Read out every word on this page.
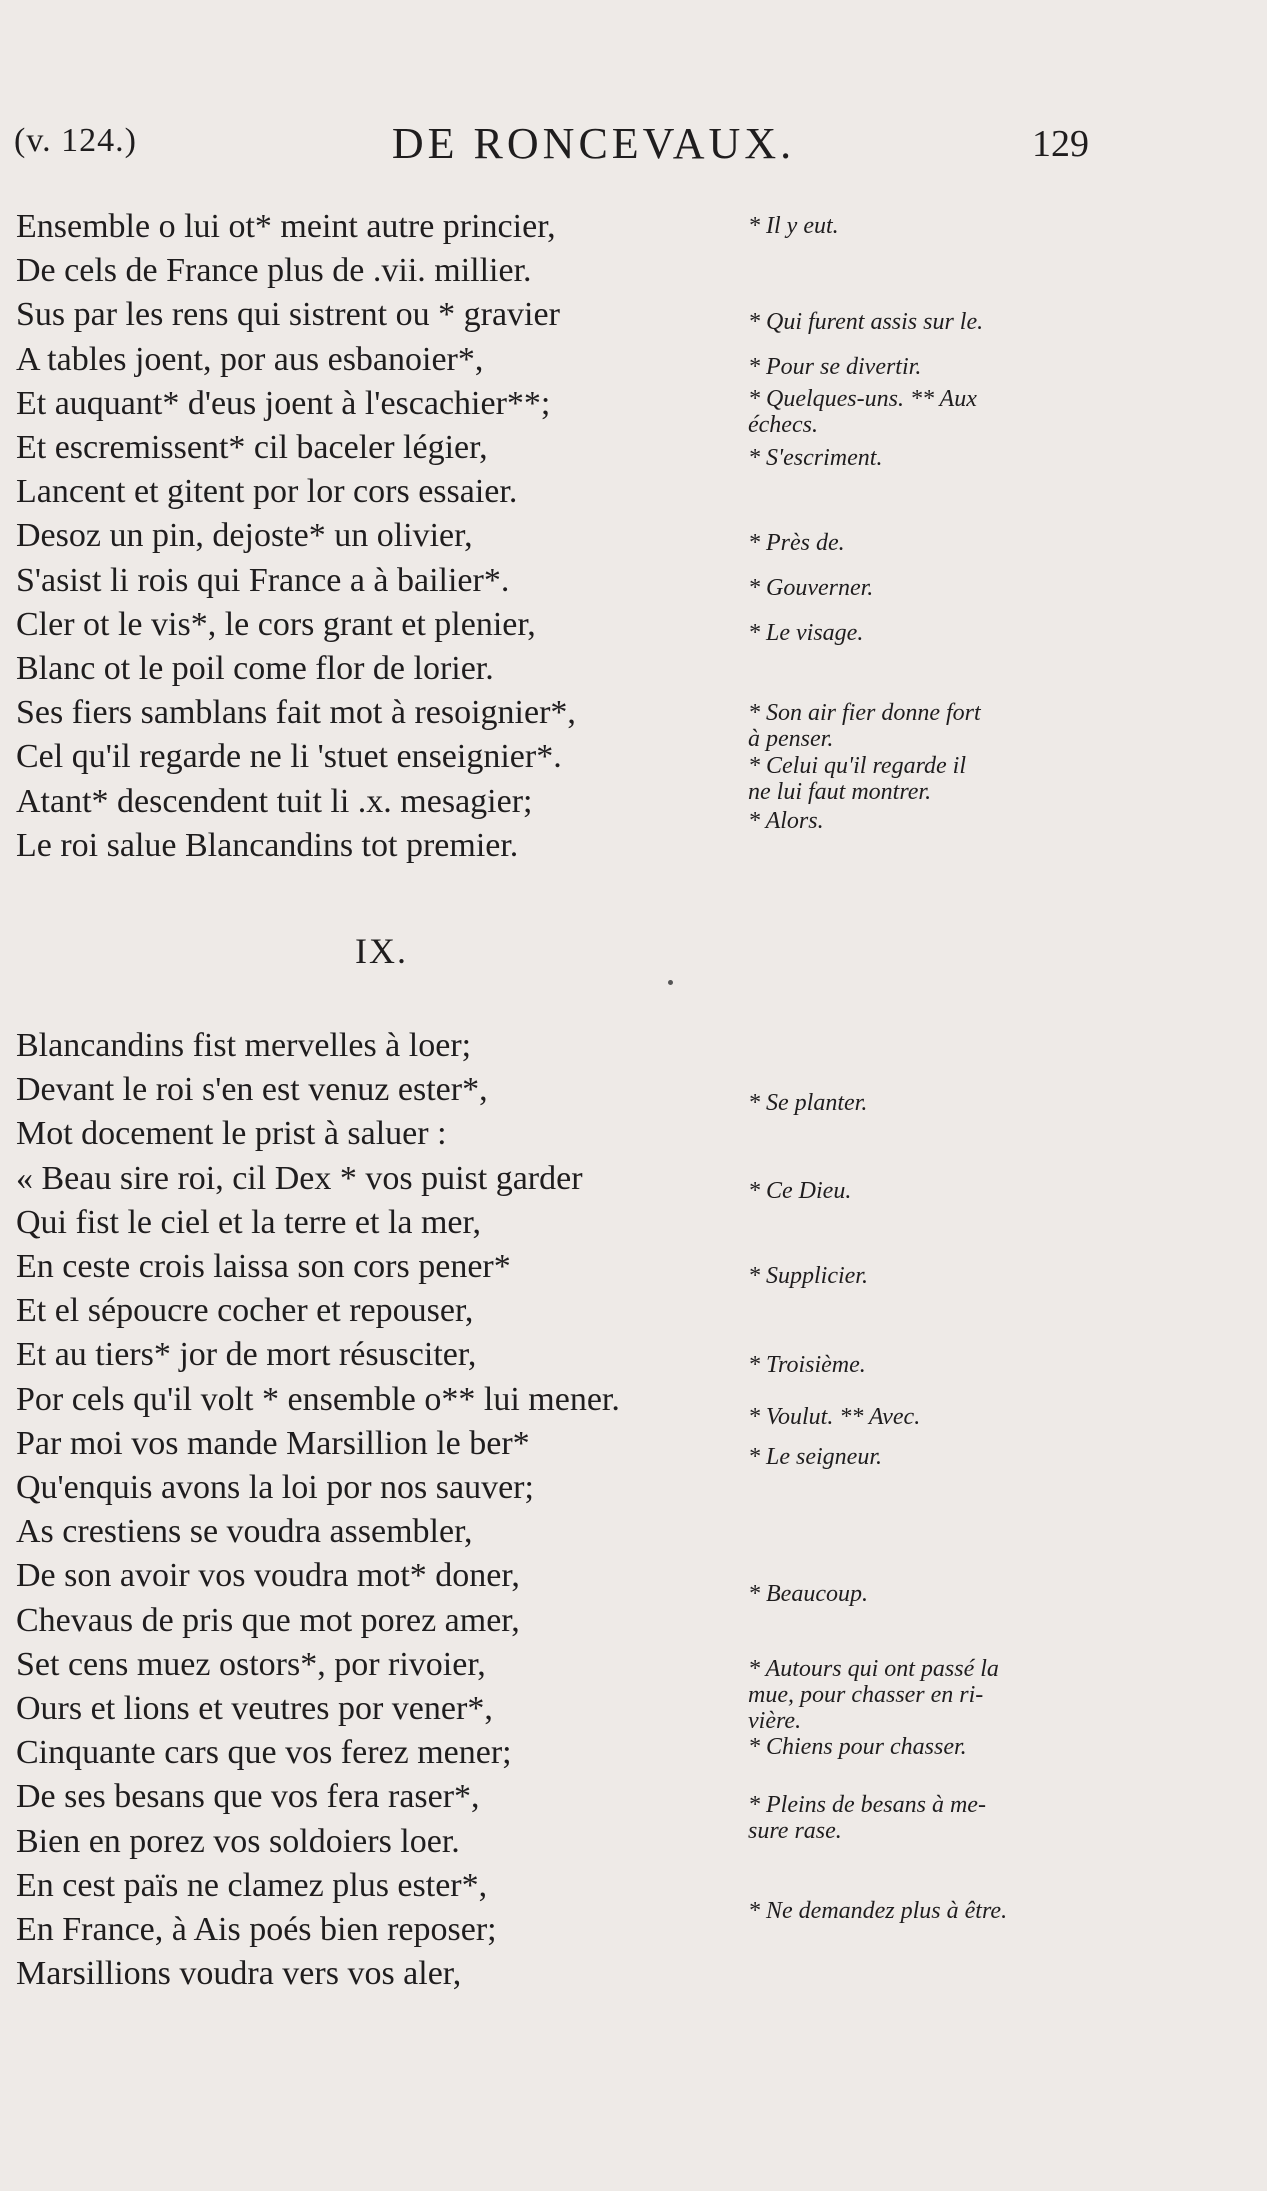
(v. 124.)	DE RONCEVAUX.	129
Ensemble o lui ot* meint autre princier,
De cels de France plus de .vii. millier.
Sus par les rens qui sistrent ou * gravier
A tables joent, por aus esbanoier*,
Et auquant* d'eus joent à l'escachier**;
Et escremissent* cil baceler légier,
Lancent et gitent por lor cors essaier.
Desoz un pin, dejoste* un olivier,
S'asist li rois qui France a à bailier*.
Cler ot le vis*, le cors grant et plenier,
Blanc ot le poil come flor de lorier.
Ses fiers samblans fait mot à resoignier*,
Cel qu'il regarde ne li 'stuet enseignier*.
Atant* descendent tuit li .x. mesagier;
Le roi salue Blancandins tot premier.
IX.
Blancandins fist mervelles à loer;
Devant le roi s'en est venuz ester*,
Mot docement le prist à saluer :
« Beau sire roi, cil Dex * vos puist garder
Qui fist le ciel et la terre et la mer,
En ceste crois laissa son cors pener*
Et el sépoucre cocher et repouser,
Et au tiers* jor de mort résusciter,
Por cels qu'il volt * ensemble o** lui mener.
Par moi vos mande Marsillion le ber*
Qu'enquis avons la loi por nos sauver;
As crestiens se voudra assembler,
De son avoir vos voudra mot* doner,
Chevaus de pris que mot porez amer,
Set cens muez ostors*, por rivoier,
Ours et lions et veutres por vener*,
Cinquante cars que vos ferez mener;
De ses besans que vos fera raser*,
Bien en porez vos soldoiers loer.
En cest païs ne clamez plus ester*,
En France, à Ais poés bien reposer;
Marsillions voudra vers vos aler,
* Il y eut.
* Qui furent assis sur le.
* Pour se divertir.
* Quelques-uns. ** Aux
échecs.
* S'escriment.
* Près de.
* Gouverner.
* Le visage.
* Son air fier donne fort
à penser.
* Celui qu'il regarde il
ne lui faut montrer.
* Alors.
* Se planter.
* Ce Dieu.
* Supplicier.
* Troisième.
* Voulut. ** Avec.
* Le seigneur.
* Beaucoup.
* Autours qui ont passé la
mue, pour chasser en ri-
vière.
* Chiens pour chasser.
* Pleins de besans à me-
sure rase.
* Ne demandez plus à être.
